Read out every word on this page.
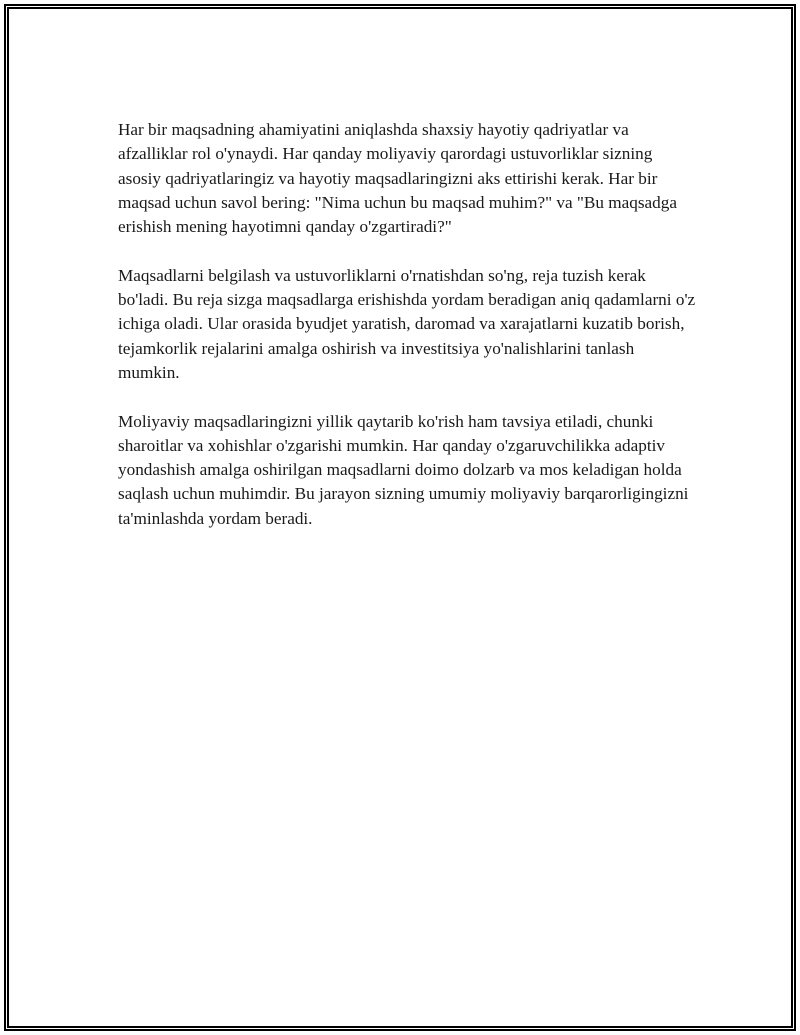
Har bir maqsadning ahamiyatini aniqlashda shaxsiy hayotiy qadriyatlar va afzalliklar rol o'ynaydi. Har qanday moliyaviy qarordagi ustuvorliklar sizning asosiy qadriyatlaringiz va hayotiy maqsadlaringizni aks ettirishi kerak. Har bir maqsad uchun savol bering: "Nima uchun bu maqsad muhim?" va "Bu maqsadga erishish mening hayotimni qanday o'zgartiradi?"

Maqsadlarni belgilash va ustuvorliklarni o'rnatishdan so'ng, reja tuzish kerak bo'ladi. Bu reja sizga maqsadlarga erishishda yordam beradigan aniq qadamlarni o'z ichiga oladi. Ular orasida byudjet yaratish, daromad va xarajatlarni kuzatib borish, tejamkorlik rejalarini amalga oshirish va investitsiya yo'nalishlarini tanlash mumkin.

Moliyaviy maqsadlaringizni yillik qaytarib ko'rish ham tavsiya etiladi, chunki sharoitlar va xohishlar o'zgarishi mumkin. Har qanday o'zgaruvchilikka adaptiv yondashish amalga oshirilgan maqsadlarni doimo dolzarb va mos keladigan holda saqlash uchun muhimdir. Bu jarayon sizning umumiy moliyaviy barqarorligingizni ta'minlashda yordam beradi.
